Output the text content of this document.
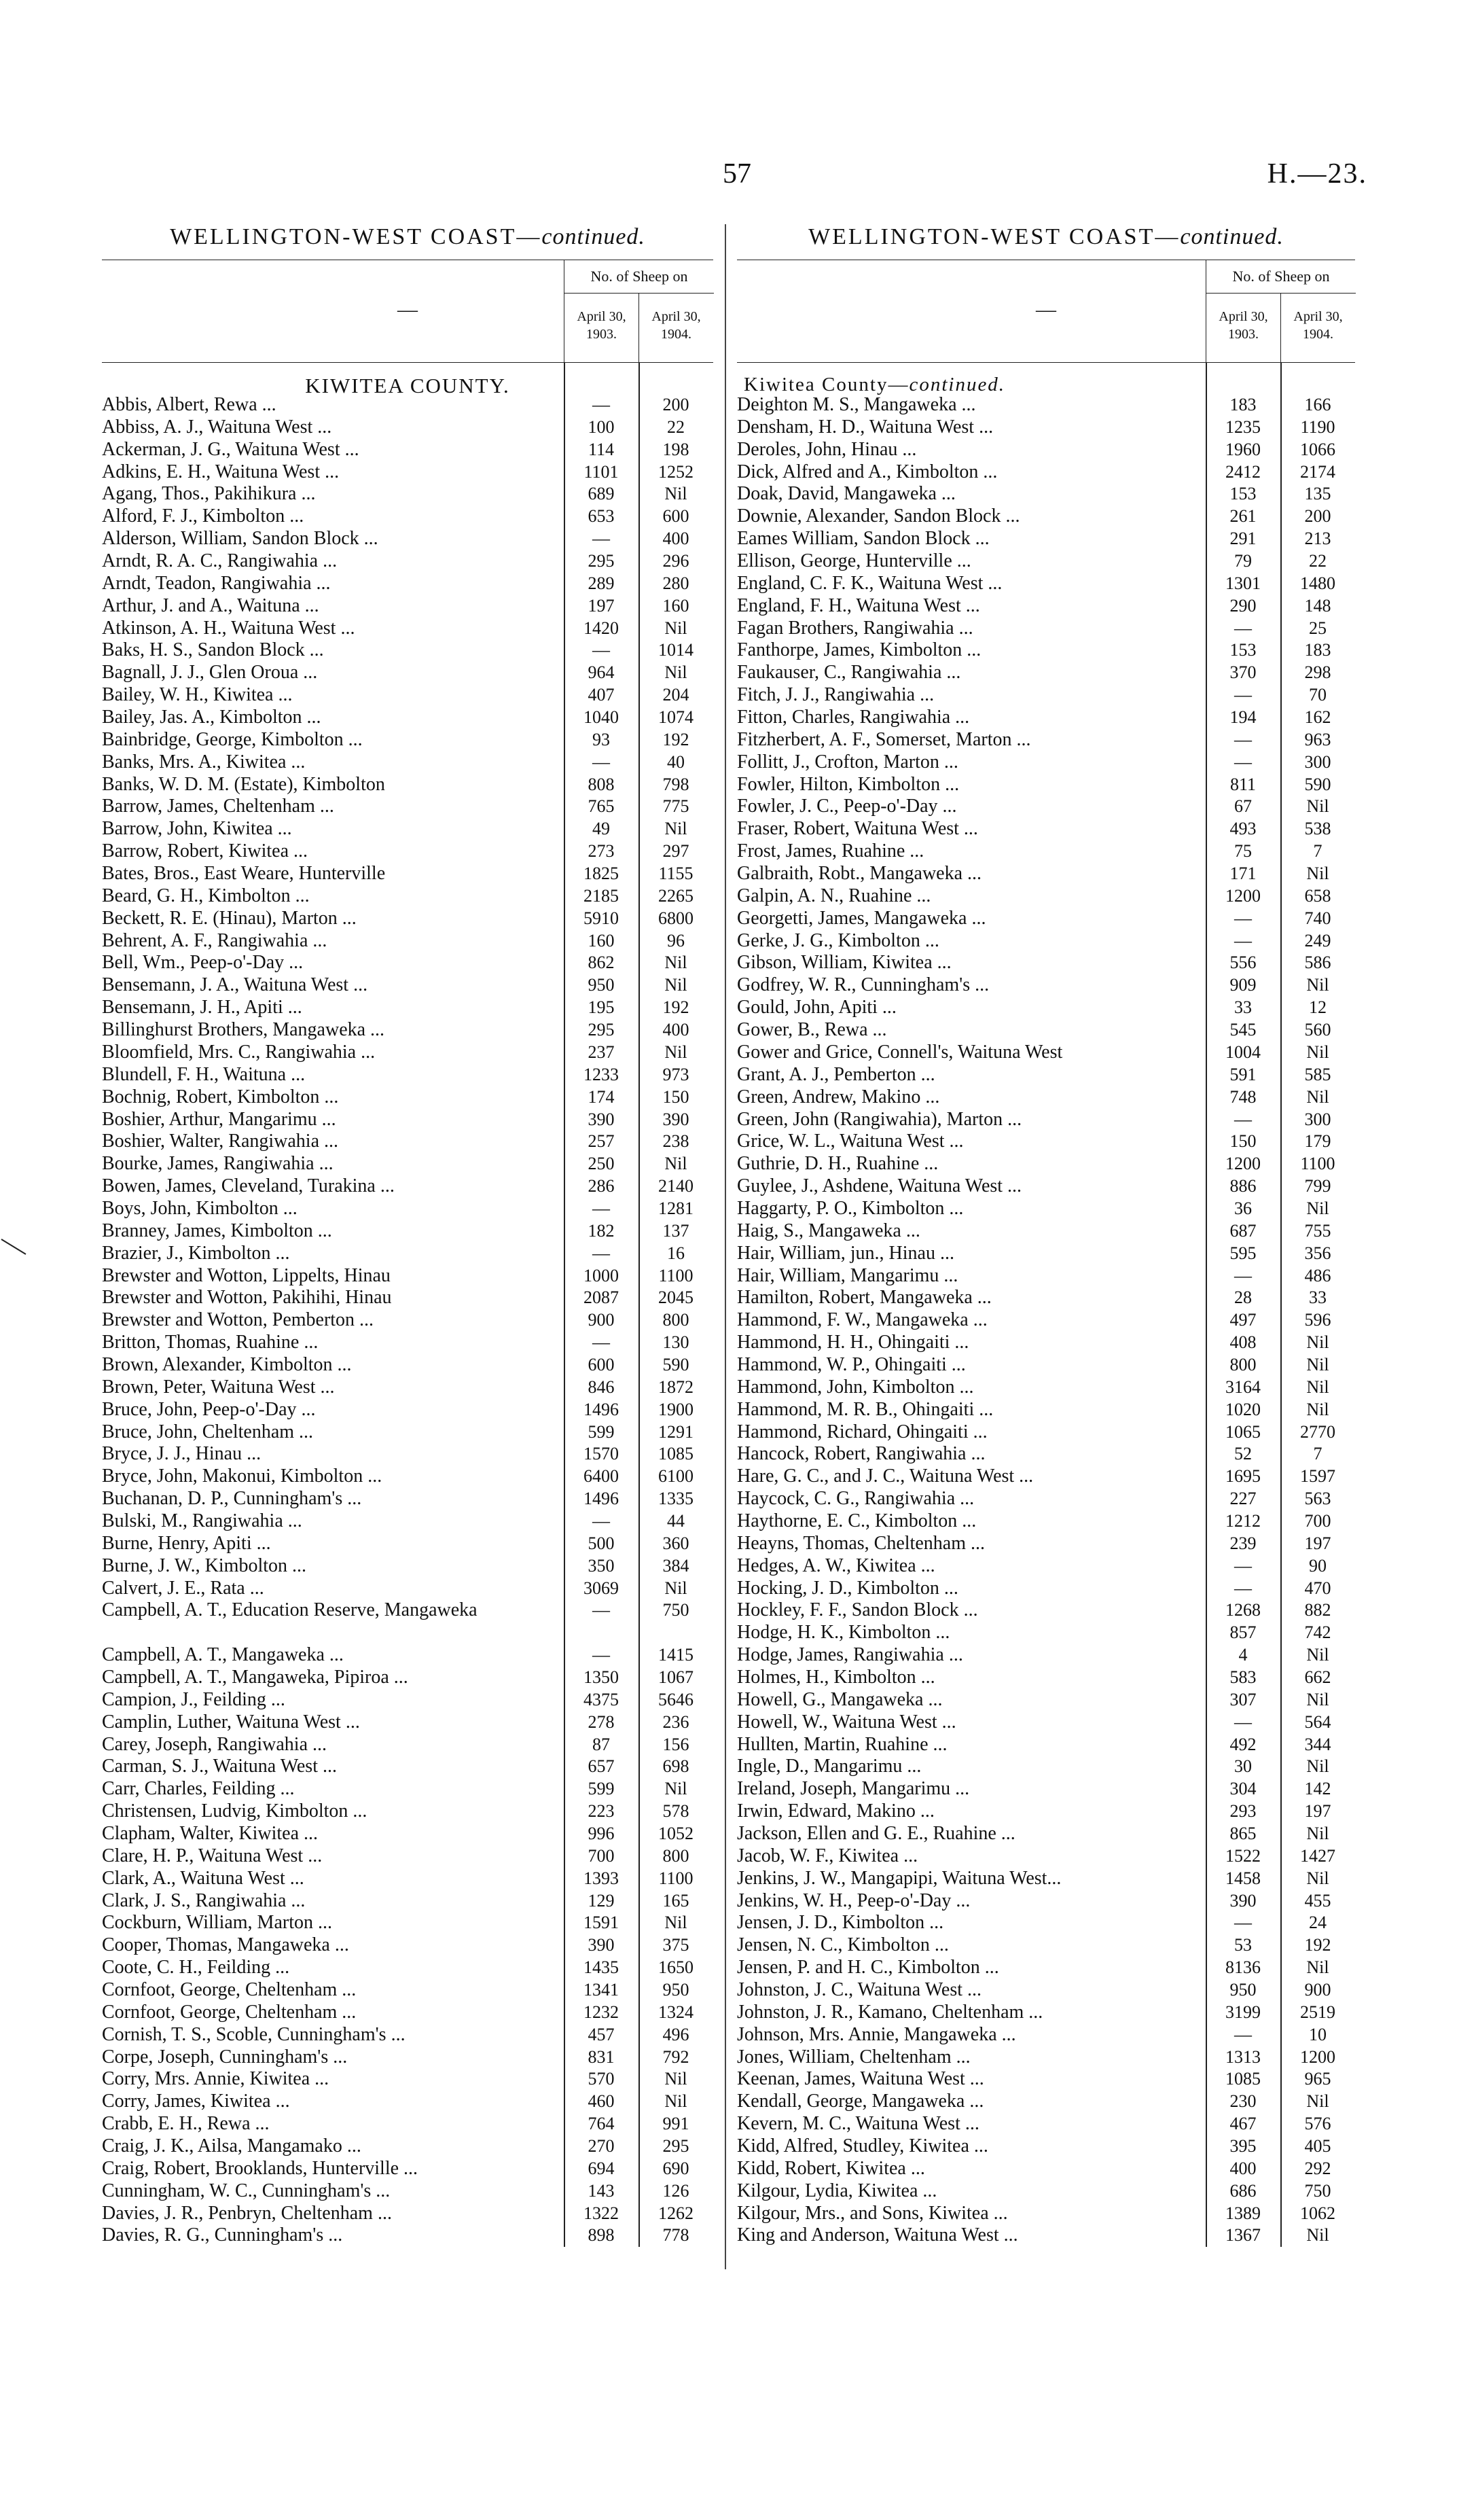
57	H.—23.
WELLINGTON-WEST COAST—continued.
—
No. of Sheep on
April 30,
1903.
April 30,
1904.
KIWITEA COUNTY.
Abbis, Albert, Rewa ...	—	200
Abbiss, A. J., Waituna West ...	100	22
Ackerman, J. G., Waituna West ...	114	198
Adkins, E. H., Waituna West ...	1101	1252
Agang, Thos., Pakihikura ...	689	Nil
Alford, F. J., Kimbolton ...	653	600
Alderson, William, Sandon Block ...	—	400
Arndt, R. A. C., Rangiwahia ...	295	296
Arndt, Teadon, Rangiwahia ...	289	280
Arthur, J. and A., Waituna ...	197	160
Atkinson, A. H., Waituna West ...	1420	Nil
Baks, H. S., Sandon Block ...	—	1014
Bagnall, J. J., Glen Oroua ...	964	Nil
Bailey, W. H., Kiwitea ...	407	204
Bailey, Jas. A., Kimbolton ...	1040	1074
Bainbridge, George, Kimbolton ...	93	192
Banks, Mrs. A., Kiwitea ...	—	40
Banks, W. D. M. (Estate), Kimbolton	808	798
Barrow, James, Cheltenham ...	765	775
Barrow, John, Kiwitea ...	49	Nil
Barrow, Robert, Kiwitea ...	273	297
Bates, Bros., East Weare, Hunterville	1825	1155
Beard, G. H., Kimbolton ...	2185	2265
Beckett, R. E. (Hinau), Marton ...	5910	6800
Behrent, A. F., Rangiwahia ...	160	96
Bell, Wm., Peep-o'-Day ...	862	Nil
Bensemann, J. A., Waituna West ...	950	Nil
Bensemann, J. H., Apiti ...	195	192
Billinghurst Brothers, Mangaweka ...	295	400
Bloomfield, Mrs. C., Rangiwahia ...	237	Nil
Blundell, F. H., Waituna ...	1233	973
Bochnig, Robert, Kimbolton ...	174	150
Boshier, Arthur, Mangarimu ...	390	390
Boshier, Walter, Rangiwahia ...	257	238
Bourke, James, Rangiwahia ...	250	Nil
Bowen, James, Cleveland, Turakina ...	286	2140
Boys, John, Kimbolton ...	—	1281
Branney, James, Kimbolton ...	182	137
Brazier, J., Kimbolton ...	—	16
Brewster and Wotton, Lippelts, Hinau	1000	1100
Brewster and Wotton, Pakihihi, Hinau	2087	2045
Brewster and Wotton, Pemberton ...	900	800
Britton, Thomas, Ruahine ...	—	130
Brown, Alexander, Kimbolton ...	600	590
Brown, Peter, Waituna West ...	846	1872
Bruce, John, Peep-o'-Day ...	1496	1900
Bruce, John, Cheltenham ...	599	1291
Bryce, J. J., Hinau ...	1570	1085
Bryce, John, Makonui, Kimbolton ...	6400	6100
Buchanan, D. P., Cunningham's ...	1496	1335
Bulski, M., Rangiwahia ...	—	44
Burne, Henry, Apiti ...	500	360
Burne, J. W., Kimbolton ...	350	384
Calvert, J. E., Rata ...	3069	Nil
Campbell, A. T., Education Reserve, Mangaweka	—	750
Campbell, A. T., Mangaweka ...	—	1415
Campbell, A. T., Mangaweka, Pipiroa ...	1350	1067
Campion, J., Feilding ...	4375	5646
Camplin, Luther, Waituna West ...	278	236
Carey, Joseph, Rangiwahia ...	87	156
Carman, S. J., Waituna West ...	657	698
Carr, Charles, Feilding ...	599	Nil
Christensen, Ludvig, Kimbolton ...	223	578
Clapham, Walter, Kiwitea ...	996	1052
Clare, H. P., Waituna West ...	700	800
Clark, A., Waituna West ...	1393	1100
Clark, J. S., Rangiwahia ...	129	165
Cockburn, William, Marton ...	1591	Nil
Cooper, Thomas, Mangaweka ...	390	375
Coote, C. H., Feilding ...	1435	1650
Cornfoot, George, Cheltenham ...	1341	950
Cornfoot, George, Cheltenham ...	1232	1324
Cornish, T. S., Scoble, Cunningham's ...	457	496
Corpe, Joseph, Cunningham's ...	831	792
Corry, Mrs. Annie, Kiwitea ...	570	Nil
Corry, James, Kiwitea ...	460	Nil
Crabb, E. H., Rewa ...	764	991
Craig, J. K., Ailsa, Mangamako ...	270	295
Craig, Robert, Brooklands, Hunterville ...	694	690
Cunningham, W. C., Cunningham's ...	143	126
Davies, J. R., Penbryn, Cheltenham ...	1322	1262
Davies, R. G., Cunningham's ...	898	778
WELLINGTON-WEST COAST—continued.
—
No. of Sheep on
April 30,
1903.
April 30,
1904.
Kiwitea County—continued.
Deighton M. S., Mangaweka ...	183	166
Densham, H. D., Waituna West ...	1235	1190
Deroles, John, Hinau ...	1960	1066
Dick, Alfred and A., Kimbolton ...	2412	2174
Doak, David, Mangaweka ...	153	135
Downie, Alexander, Sandon Block ...	261	200
Eames William, Sandon Block ...	291	213
Ellison, George, Hunterville ...	79	22
England, C. F. K., Waituna West ...	1301	1480
England, F. H., Waituna West ...	290	148
Fagan Brothers, Rangiwahia ...	—	25
Fanthorpe, James, Kimbolton ...	153	183
Faukauser, C., Rangiwahia ...	370	298
Fitch, J. J., Rangiwahia ...	—	70
Fitton, Charles, Rangiwahia ...	194	162
Fitzherbert, A. F., Somerset, Marton ...	—	963
Follitt, J., Crofton, Marton ...	—	300
Fowler, Hilton, Kimbolton ...	811	590
Fowler, J. C., Peep-o'-Day ...	67	Nil
Fraser, Robert, Waituna West ...	493	538
Frost, James, Ruahine ...	75	7
Galbraith, Robt., Mangaweka ...	171	Nil
Galpin, A. N., Ruahine ...	1200	658
Georgetti, James, Mangaweka ...	—	740
Gerke, J. G., Kimbolton ...	—	249
Gibson, William, Kiwitea ...	556	586
Godfrey, W. R., Cunningham's ...	909	Nil
Gould, John, Apiti ...	33	12
Gower, B., Rewa ...	545	560
Gower and Grice, Connell's, Waituna West	1004	Nil
Grant, A. J., Pemberton ...	591	585
Green, Andrew, Makino ...	748	Nil
Green, John (Rangiwahia), Marton ...	—	300
Grice, W. L., Waituna West ...	150	179
Guthrie, D. H., Ruahine ...	1200	1100
Guylee, J., Ashdene, Waituna West ...	886	799
Haggarty, P. O., Kimbolton ...	36	Nil
Haig, S., Mangaweka ...	687	755
Hair, William, jun., Hinau ...	595	356
Hair, William, Mangarimu ...	—	486
Hamilton, Robert, Mangaweka ...	28	33
Hammond, F. W., Mangaweka ...	497	596
Hammond, H. H., Ohingaiti ...	408	Nil
Hammond, W. P., Ohingaiti ...	800	Nil
Hammond, John, Kimbolton ...	3164	Nil
Hammond, M. R. B., Ohingaiti ...	1020	Nil
Hammond, Richard, Ohingaiti ...	1065	2770
Hancock, Robert, Rangiwahia ...	52	7
Hare, G. C., and J. C., Waituna West ...	1695	1597
Haycock, C. G., Rangiwahia ...	227	563
Haythorne, E. C., Kimbolton ...	1212	700
Heayns, Thomas, Cheltenham ...	239	197
Hedges, A. W., Kiwitea ...	—	90
Hocking, J. D., Kimbolton ...	—	470
Hockley, F. F., Sandon Block ...	1268	882
Hodge, H. K., Kimbolton ...	857	742
Hodge, James, Rangiwahia ...	4	Nil
Holmes, H., Kimbolton ...	583	662
Howell, G., Mangaweka ...	307	Nil
Howell, W., Waituna West ...	—	564
Hullten, Martin, Ruahine ...	492	344
Ingle, D., Mangarimu ...	30	Nil
Ireland, Joseph, Mangarimu ...	304	142
Irwin, Edward, Makino ...	293	197
Jackson, Ellen and G. E., Ruahine ...	865	Nil
Jacob, W. F., Kiwitea ...	1522	1427
Jenkins, J. W., Mangapipi, Waituna West...	1458	Nil
Jenkins, W. H., Peep-o'-Day ...	390	455
Jensen, J. D., Kimbolton ...	—	24
Jensen, N. C., Kimbolton ...	53	192
Jensen, P. and H. C., Kimbolton ...	8136	Nil
Johnston, J. C., Waituna West ...	950	900
Johnston, J. R., Kamano, Cheltenham ...	3199	2519
Johnson, Mrs. Annie, Mangaweka ...	—	10
Jones, William, Cheltenham ...	1313	1200
Keenan, James, Waituna West ...	1085	965
Kendall, George, Mangaweka ...	230	Nil
Kevern, M. C., Waituna West ...	467	576
Kidd, Alfred, Studley, Kiwitea ...	395	405
Kidd, Robert, Kiwitea ...	400	292
Kilgour, Lydia, Kiwitea ...	686	750
Kilgour, Mrs., and Sons, Kiwitea ...	1389	1062
King and Anderson, Waituna West ...	1367	Nil
